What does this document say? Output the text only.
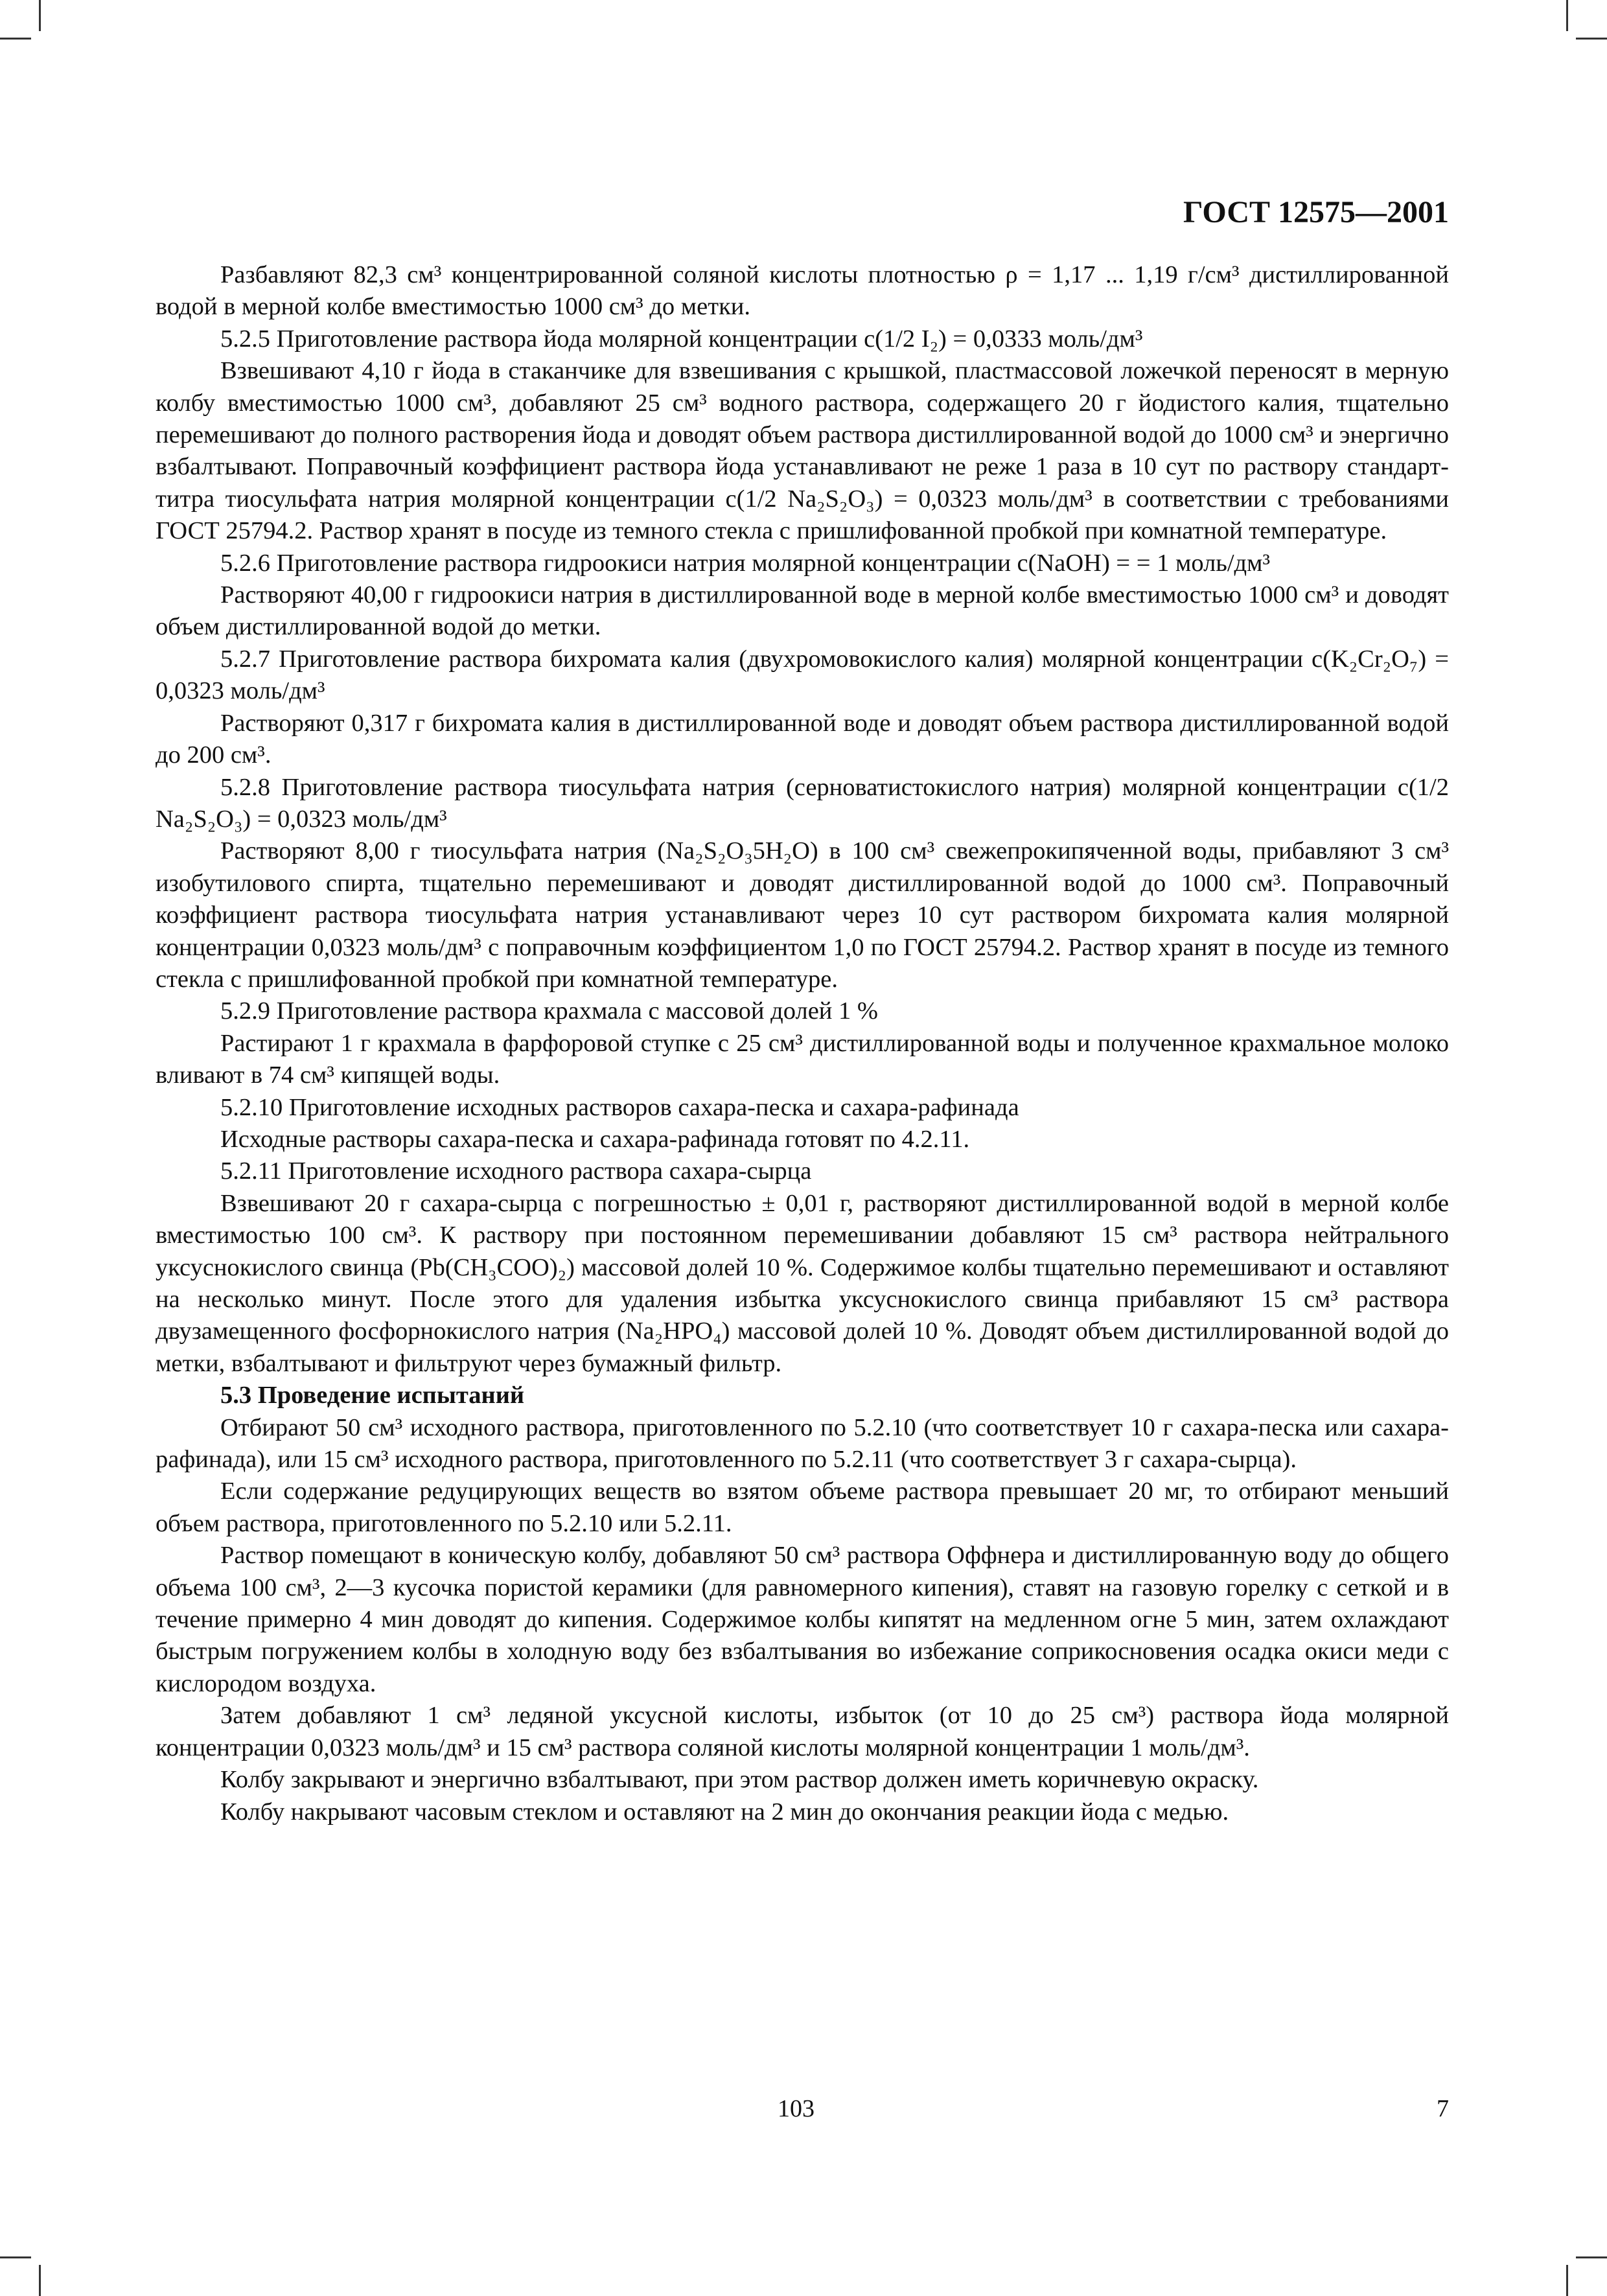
ГОСТ 12575—2001

Разбавляют 82,3 см³ концентрированной соляной кислоты плотностью ρ = 1,17 ... 1,19 г/см³ дистиллированной водой в мерной колбе вместимостью 1000 см³ до метки.

5.2.5 Приготовление раствора йода молярной концентрации с(1/2 I₂) = 0,0333 моль/дм³

Взвешивают 4,10 г йода в стаканчике для взвешивания с крышкой, пластмассовой ложечкой переносят в мерную колбу вместимостью 1000 см³, добавляют 25 см³ водного раствора, содержащего 20 г йодистого калия, тщательно перемешивают до полного растворения йода и доводят объем раствора дистиллированной водой до 1000 см³ и энергично взбалтывают. Поправочный коэффициент раствора йода устанавливают не реже 1 раза в 10 сут по раствору стандарт-титра тиосульфата натрия молярной концентрации с(1/2 Na₂S₂O₃) = 0,0323 моль/дм³ в соответствии с требованиями ГОСТ 25794.2. Раствор хранят в посуде из темного стекла с пришлифованной пробкой при комнатной температуре.

5.2.6 Приготовление раствора гидроокиси натрия молярной концентрации с(NaOH) = = 1 моль/дм³

Растворяют 40,00 г гидроокиси натрия в дистиллированной воде в мерной колбе вместимостью 1000 см³ и доводят объем дистиллированной водой до метки.

5.2.7 Приготовление раствора бихромата калия (двухромовокислого калия) молярной концентрации с(K₂Cr₂O₇) = 0,0323 моль/дм³

Растворяют 0,317 г бихромата калия в дистиллированной воде и доводят объем раствора дистиллированной водой до 200 см³.

5.2.8 Приготовление раствора тиосульфата натрия (серноватистокислого натрия) молярной концентрации с(1/2 Na₂S₂O₃) = 0,0323 моль/дм³

Растворяют 8,00 г тиосульфата натрия (Na₂S₂O₃5H₂O) в 100 см³ свежепрокипяченной воды, прибавляют 3 см³ изобутилового спирта, тщательно перемешивают и доводят дистиллированной водой до 1000 см³. Поправочный коэффициент раствора тиосульфата натрия устанавливают через 10 сут раствором бихромата калия молярной концентрации 0,0323 моль/дм³ с поправочным коэффициентом 1,0 по ГОСТ 25794.2. Раствор хранят в посуде из темного стекла с пришлифованной пробкой при комнатной температуре.

5.2.9 Приготовление раствора крахмала с массовой долей 1 %

Растирают 1 г крахмала в фарфоровой ступке с 25 см³ дистиллированной воды и полученное крахмальное молоко вливают в 74 см³ кипящей воды.

5.2.10 Приготовление исходных растворов сахара-песка и сахара-рафинада

Исходные растворы сахара-песка и сахара-рафинада готовят по 4.2.11.

5.2.11 Приготовление исходного раствора сахара-сырца

Взвешивают 20 г сахара-сырца с погрешностью ± 0,01 г, растворяют дистиллированной водой в мерной колбе вместимостью 100 см³. К раствору при постоянном перемешивании добавляют 15 см³ раствора нейтрального уксуснокислого свинца (Pb(CH₃COO)₂) массовой долей 10 %. Содержимое колбы тщательно перемешивают и оставляют на несколько минут. После этого для удаления избытка уксуснокислого свинца прибавляют 15 см³ раствора двузамещенного фосфорнокислого натрия (Na₂HPO₄) массовой долей 10 %. Доводят объем дистиллированной водой до метки, взбалтывают и фильтруют через бумажный фильтр.

5.3 Проведение испытаний

Отбирают 50 см³ исходного раствора, приготовленного по 5.2.10 (что соответствует 10 г сахара-песка или сахара-рафинада), или 15 см³ исходного раствора, приготовленного по 5.2.11 (что соответствует 3 г сахара-сырца).

Если содержание редуцирующих веществ во взятом объеме раствора превышает 20 мг, то отбирают меньший объем раствора, приготовленного по 5.2.10 или 5.2.11.

Раствор помещают в коническую колбу, добавляют 50 см³ раствора Оффнера и дистиллированную воду до общего объема 100 см³, 2—3 кусочка пористой керамики (для равномерного кипения), ставят на газовую горелку с сеткой и в течение примерно 4 мин доводят до кипения. Содержимое колбы кипятят на медленном огне 5 мин, затем охлаждают быстрым погружением колбы в холодную воду без взбалтывания во избежание соприкосновения осадка окиси меди с кислородом воздуха.

Затем добавляют 1 см³ ледяной уксусной кислоты, избыток (от 10 до 25 см³) раствора йода молярной концентрации 0,0323 моль/дм³ и 15 см³ раствора соляной кислоты молярной концентрации 1 моль/дм³.

Колбу закрывают и энергично взбалтывают, при этом раствор должен иметь коричневую окраску.

Колбу накрывают часовым стеклом и оставляют на 2 мин до окончания реакции йода с медью.

103	7
